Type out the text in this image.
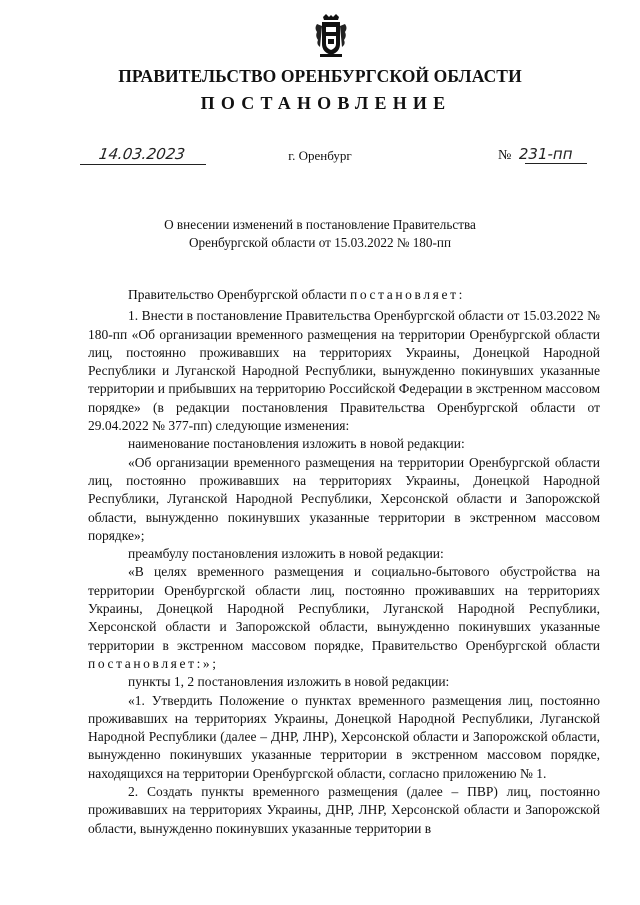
ПРАВИТЕЛЬСТВО ОРЕНБУРГСКОЙ ОБЛАСТИ
ПОСТАНОВЛЕНИЕ
14.03.2023	г. Оренбург	№ 231-пп
О внесении изменений в постановление Правительства
Оренбургской области от 15.03.2022 № 180-пп

Правительство Оренбургской области постановляет:

1. Внести в постановление Правительства Оренбургской области от 15.03.2022 № 180-пп «Об организации временного размещения на территории Оренбургской области лиц, постоянно проживавших на территориях Украины, Донецкой Народной Республики и Луганской Народной Республики, вынужденно покинувших указанные территории и прибывших на территорию Российской Федерации в экстренном массовом порядке» (в редакции постановления Правительства Оренбургской области от 29.04.2022 № 377-пп) следующие изменения:

наименование постановления изложить в новой редакции:

«Об организации временного размещения на территории Оренбургской области лиц, постоянно проживавших на территориях Украины, Донецкой Народной Республики, Луганской Народной Республики, Херсонской области и Запорожской области, вынужденно покинувших указанные территории в экстренном массовом порядке»;

преамбулу постановления изложить в новой редакции:

«В целях временного размещения и социально-бытового обустройства на территории Оренбургской области лиц, постоянно проживавших на территориях Украины, Донецкой Народной Республики, Луганской Народной Республики, Херсонской области и Запорожской области, вынужденно покинувших указанные территории в экстренном массовом порядке, Правительство Оренбургской области постановляет:»;

пункты 1, 2 постановления изложить в новой редакции:

«1. Утвердить Положение о пунктах временного размещения лиц, постоянно проживавших на территориях Украины, Донецкой Народной Республики, Луганской Народной Республики (далее – ДНР, ЛНР), Херсонской области и Запорожской области, вынужденно покинувших указанные территории в экстренном массовом порядке, находящихся на территории Оренбургской области, согласно приложению № 1.

2. Создать пункты временного размещения (далее – ПВР) лиц, постоянно проживавших на территориях Украины, ДНР, ЛНР, Херсонской области и Запорожской области, вынужденно покинувших указанные территории в
